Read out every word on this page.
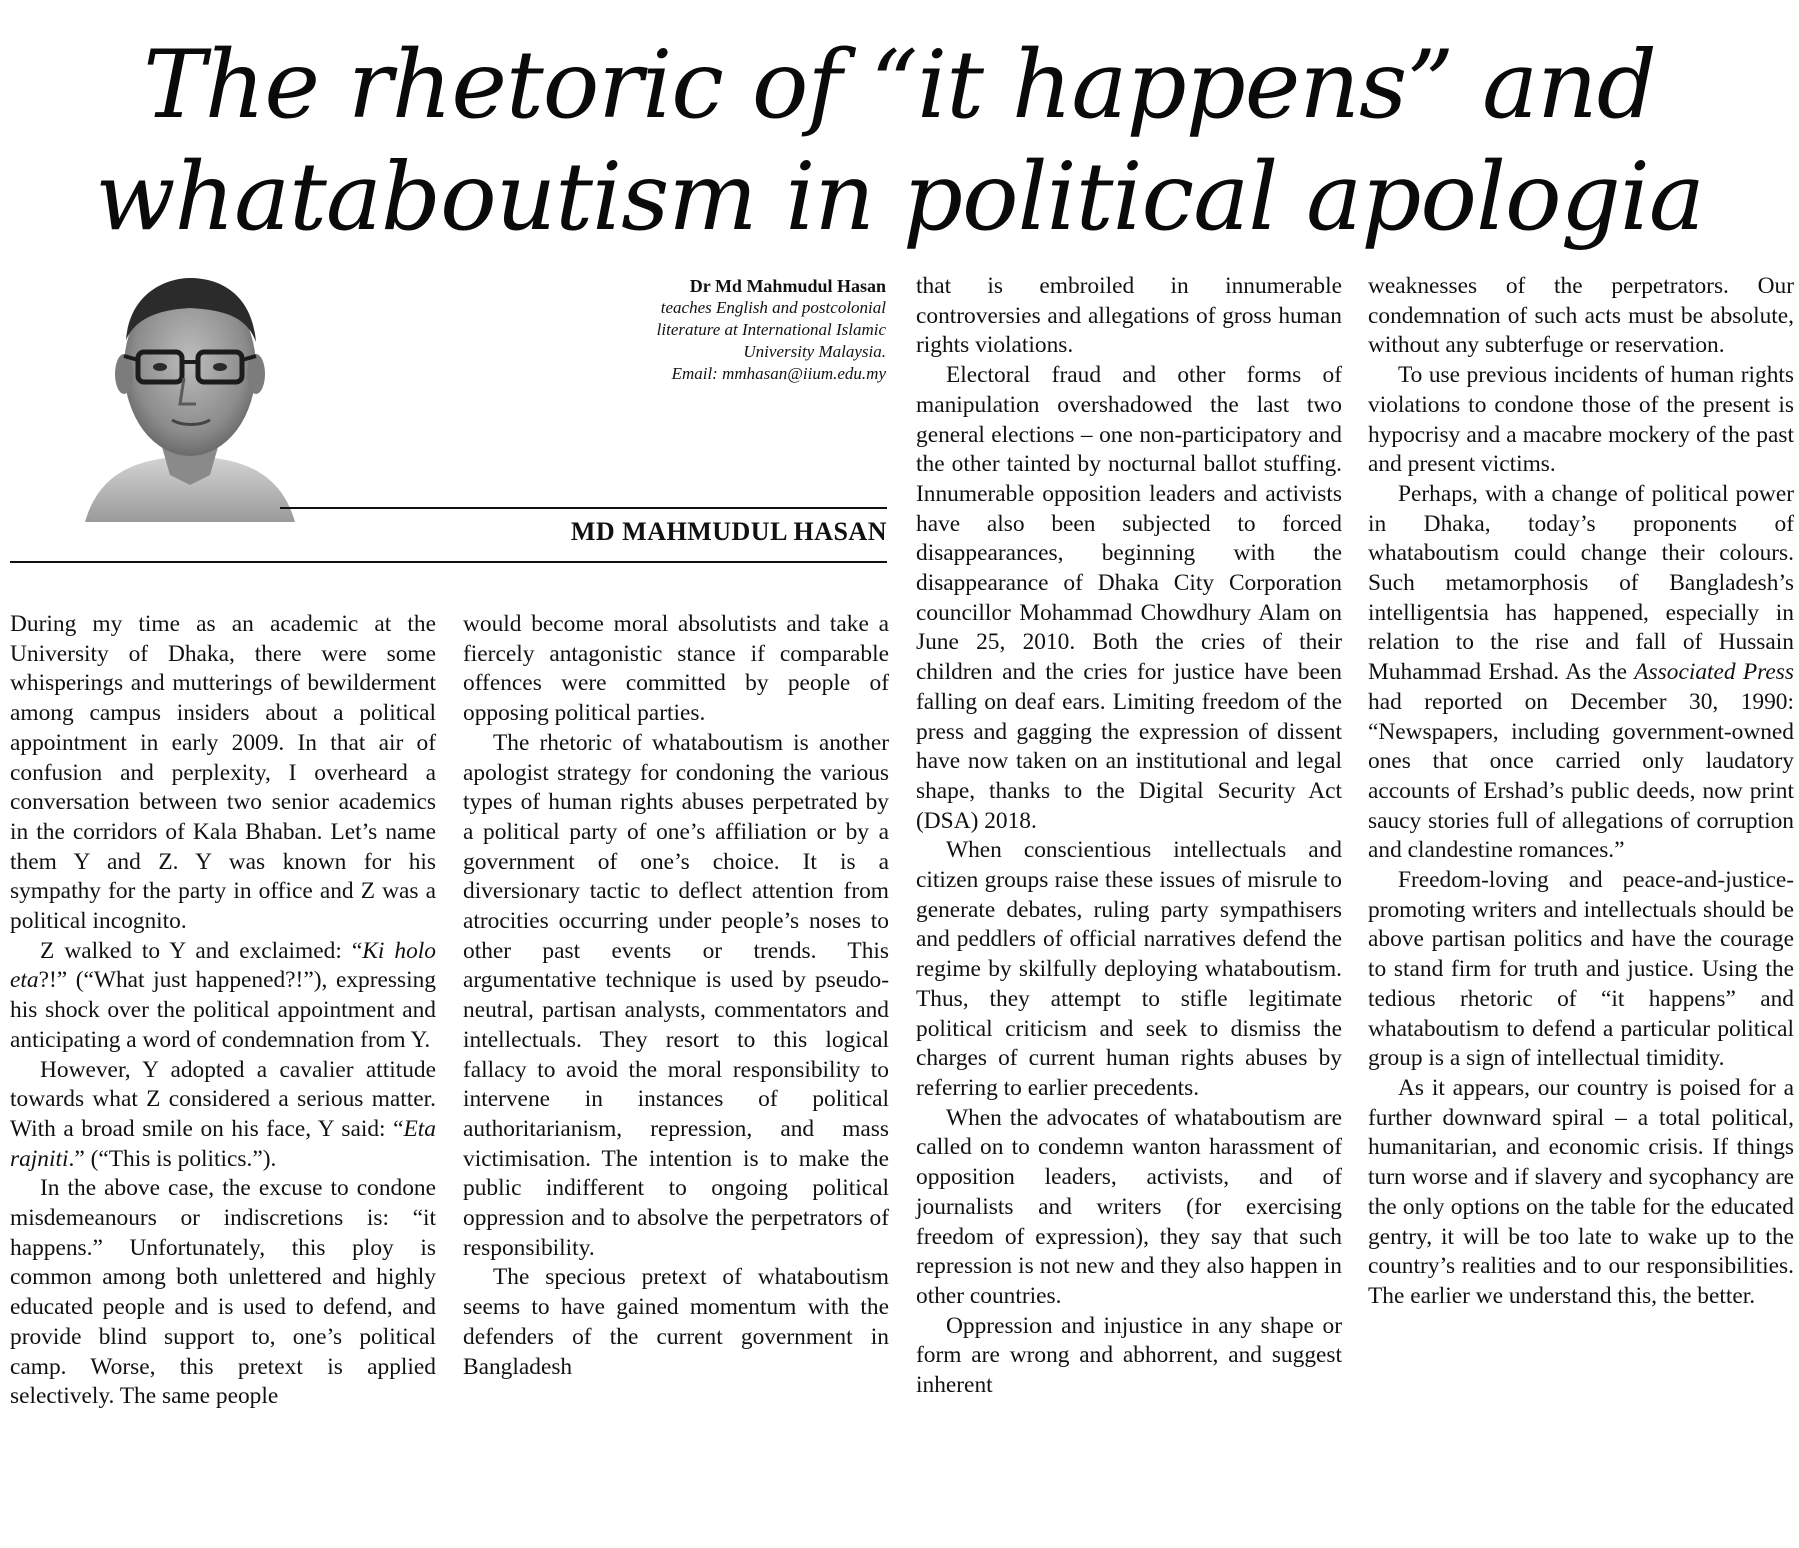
The rhetoric of “it happens” and
whataboutism in political apologia
Dr Md Mahmudul Hasan
teaches English and postcolonial
literature at International Islamic
University Malaysia.
Email: mmhasan@iium.edu.my
MD MAHMUDUL HASAN

During my time as an academic at the University of Dhaka, there were some whisperings and mutterings of bewilderment among campus insiders about a political appointment in early 2009. In that air of confusion and perplexity, I overheard a conversation between two senior academics in the corridors of Kala Bhaban. Let’s name them Y and Z. Y was known for his sympathy for the party in office and Z was a political incognito.

Z walked to Y and exclaimed: “Ki holo eta?!” (“What just happened?!”), expressing his shock over the political appointment and anticipating a word of condemnation from Y.

However, Y adopted a cavalier attitude towards what Z considered a serious matter. With a broad smile on his face, Y said: “Eta rajniti.” (“This is politics.”).

In the above case, the excuse to condone misdemeanours or indiscretions is: “it happens.” Unfortunately, this ploy is common among both unlettered and highly educated people and is used to defend, and provide blind support to, one’s political camp. Worse, this pretext is applied selectively. The same people

would become moral absolutists and take a fiercely antagonistic stance if comparable offences were committed by people of opposing political parties.

The rhetoric of whataboutism is another apologist strategy for condoning the various types of human rights abuses perpetrated by a political party of one’s affiliation or by a government of one’s choice. It is a diversionary tactic to deflect attention from atrocities occurring under people’s noses to other past events or trends. This argumentative technique is used by pseudo-neutral, partisan analysts, commentators and intellectuals. They resort to this logical fallacy to avoid the moral responsibility to intervene in instances of political authoritarianism, repression, and mass victimisation. The intention is to make the public indifferent to ongoing political oppression and to absolve the perpetrators of responsibility.

The specious pretext of whataboutism seems to have gained momentum with the defenders of the current government in Bangladesh

that is embroiled in innumerable controversies and allegations of gross human rights violations.

Electoral fraud and other forms of manipulation overshadowed the last two general elections – one non-participatory and the other tainted by nocturnal ballot stuffing. Innumerable opposition leaders and activists have also been subjected to forced disappearances, beginning with the disappearance of Dhaka City Corporation councillor Mohammad Chowdhury Alam on June 25, 2010. Both the cries of their children and the cries for justice have been falling on deaf ears. Limiting freedom of the press and gagging the expression of dissent have now taken on an institutional and legal shape, thanks to the Digital Security Act (DSA) 2018.

When conscientious intellectuals and citizen groups raise these issues of misrule to generate debates, ruling party sympathisers and peddlers of official narratives defend the regime by skilfully deploying whataboutism. Thus, they attempt to stifle legitimate political criticism and seek to dismiss the charges of current human rights abuses by referring to earlier precedents.

When the advocates of whataboutism are called on to condemn wanton harassment of opposition leaders, activists, and of journalists and writers (for exercising freedom of expression), they say that such repression is not new and they also happen in other countries.

Oppression and injustice in any shape or form are wrong and abhorrent, and suggest inherent

weaknesses of the perpetrators. Our condemnation of such acts must be absolute, without any subterfuge or reservation.

To use previous incidents of human rights violations to condone those of the present is hypocrisy and a macabre mockery of the past and present victims.

Perhaps, with a change of political power in Dhaka, today’s proponents of whataboutism could change their colours. Such metamorphosis of Bangladesh’s intelligentsia has happened, especially in relation to the rise and fall of Hussain Muhammad Ershad. As the Associated Press had reported on December 30, 1990: “Newspapers, including government-owned ones that once carried only laudatory accounts of Ershad’s public deeds, now print saucy stories full of allegations of corruption and clandestine romances.”

Freedom-loving and peace-and-justice-promoting writers and intellectuals should be above partisan politics and have the courage to stand firm for truth and justice. Using the tedious rhetoric of “it happens” and whataboutism to defend a particular political group is a sign of intellectual timidity.

As it appears, our country is poised for a further downward spiral – a total political, humanitarian, and economic crisis. If things turn worse and if slavery and sycophancy are the only options on the table for the educated gentry, it will be too late to wake up to the country’s realities and to our responsibilities. The earlier we understand this, the better.
